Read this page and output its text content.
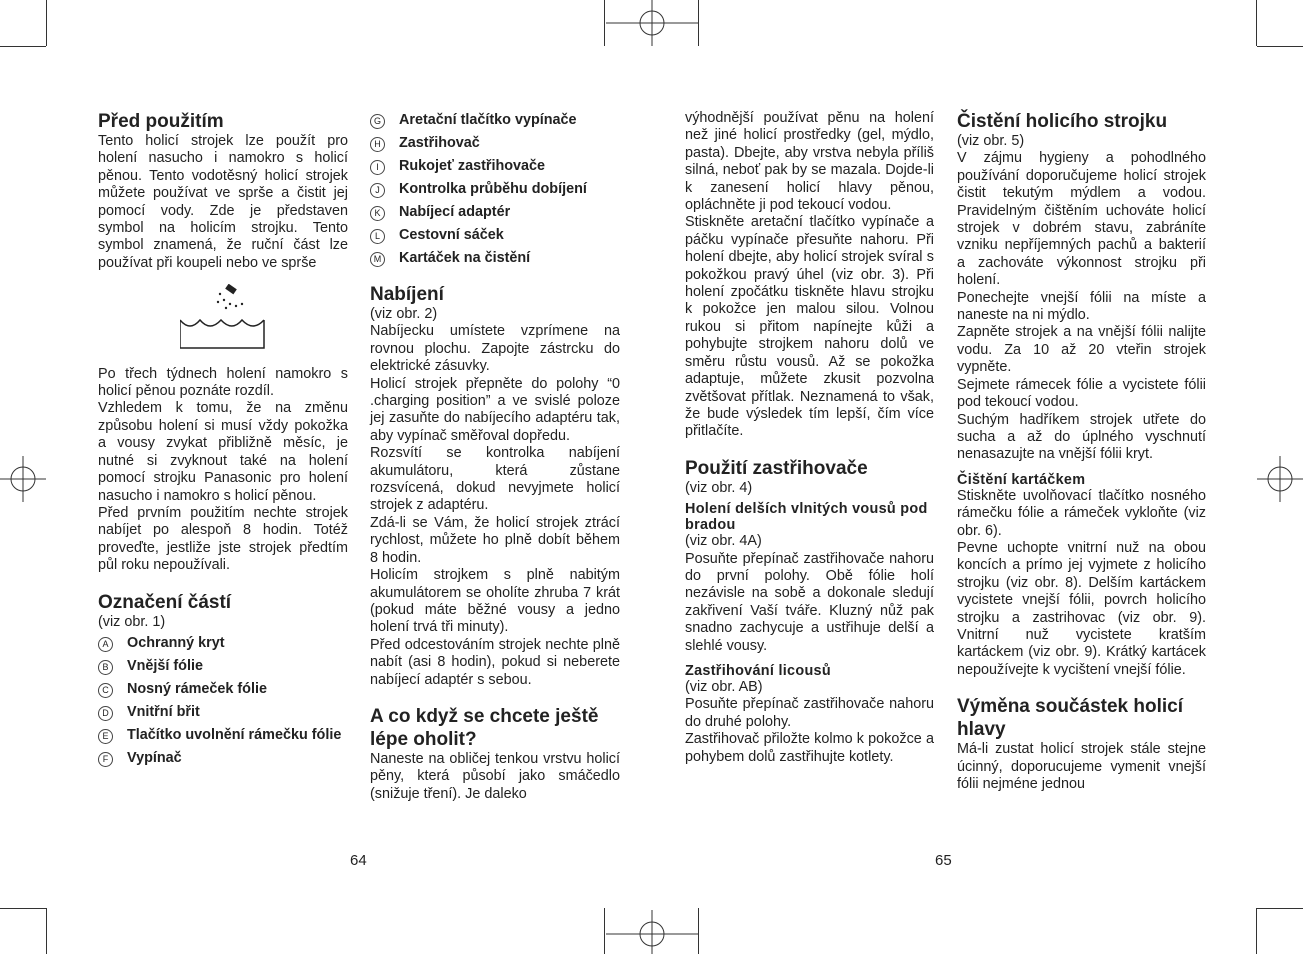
Před použitím

Tento holicí strojek lze použít pro holení nasucho i namokro s holicí pěnou. Tento vodotěsný holicí strojek můžete používat ve sprše a čistit jej pomocí vody. Zde je představen symbol na holicím strojku. Tento symbol znamená, že ruční část lze používat při koupeli nebo ve sprše

Po třech týdnech holení namokro s holicí pěnou poznáte rozdíl.

Vzhledem k tomu, že na změnu způsobu holení si musí vždy pokožka a vousy zvykat přibližně měsíc, je nutné si zvyknout také na holení pomocí strojku Panasonic pro holení nasucho i namokro s holicí pěnou.

Před prvním použitím nechte strojek nabíjet po alespoň 8 hodin. Totéž proveďte, jestliže jste strojek předtím půl roku nepoužívali.

Označení částí

(viz obr. 1)

A	Ochranný kryt
B	Vnější fólie
C	Nosný rámeček fólie
D	Vnitřní břit
E	Tlačítko uvolnění rámečku fólie
F	Vypínač
G	Aretační tlačítko vypínače
H	Zastřihovač
I	Rukojeť zastřihovače
J	Kontrolka průběhu dobíjení
K	Nabíjecí adaptér
L	Cestovní sáček
M	Kartáček na čistění
Nabíjení

(viz obr. 2)

Nabíjecku umístete vzprímene na rovnou plochu. Zapojte zástrcku do elektrické zásuvky.

Holicí strojek přepněte do polohy “0 .charging position” a ve svislé poloze jej zasuňte do nabíjecího adaptéru tak, aby vypínač směřoval dopředu.

Rozsvítí se kontrolka nabíjení akumulátoru, která zůstane rozsvícená, dokud nevyjmete holicí strojek z adaptéru.

Zdá-li se Vám, že holicí strojek ztrácí rychlost, můžete ho plně dobít během 8 hodin.

Holicím strojkem s plně nabitým akumulátorem se oholíte zhruba 7 krát (pokud máte běžné vousy a jedno holení trvá tři minuty).

Před odcestováním strojek nechte plně nabít (asi 8 hodin), pokud si neberete nabíjecí adaptér s sebou.

A co když se chcete ještě lépe oholit?

Naneste na obličej tenkou vrstvu holicí pěny, která působí jako smáčedlo (snižuje tření). Je daleko

64

výhodnější používat pěnu na holení než jiné holicí prostředky (gel, mýdlo, pasta). Dbejte, aby vrstva nebyla příliš silná, neboť pak by se mazala. Dojde-li k zanesení holicí hlavy pěnou, opláchněte ji pod tekoucí vodou.

Stiskněte aretační tlačítko vypínače a páčku vypínače přesuňte nahoru. Při holení dbejte, aby holicí strojek svíral s pokožkou pravý úhel (viz obr. 3). Při holení zpočátku tiskněte hlavu strojku k pokožce jen malou silou. Volnou rukou si přitom napínejte kůži a pohybujte strojkem nahoru dolů ve směru růstu vousů. Až se pokožka adaptuje, můžete zkusit pozvolna zvětšovat přítlak. Neznamená to však, že bude výsledek tím lepší, čím více přitlačíte.

Použití zastřihovače

(viz obr. 4)

Holení delších vlnitých vousů pod bradou

(viz obr. 4A)

Posuňte přepínač zastřihovače nahoru do první polohy. Obě fólie holí nezávisle na sobě a dokonale sledují zakřivení Vaší tváře. Kluzný nůž pak snadno zachycuje a ustřihuje delší a slehlé vousy.

Zastřihování licousů

(viz obr. AB)

Posuňte přepínač zastřihovače nahoru do druhé polohy.

Zastřihovač přiložte kolmo k pokožce a pohybem dolů zastřihujte kotlety.

Čistění holicího strojku

(viz obr. 5)

V zájmu hygieny a pohodlného používání doporučujeme holicí strojek čistit tekutým mýdlem a vodou. Pravidelným čištěním uchováte holicí strojek v dobrém stavu, zabráníte vzniku nepříjemných pachů a bakterií a zachováte výkonnost strojku při holení.

Ponechejte vnejší fólii na míste a naneste na ni mýdlo.

Zapněte strojek a na vnější fólii nalijte vodu. Za 10 až 20 vteřin strojek vypněte.

Sejmete rámecek fólie a vycistete fólii pod tekoucí vodou.

Suchým hadříkem strojek utřete do sucha a až do úplného vyschnutí nenasazujte na vnější fólii kryt.

Čištění kartáčkem

Stiskněte uvolňovací tlačítko nosného rámečku fólie a rámeček vykloňte (viz obr. 6).

Pevne uchopte vnitrní nuž na obou koncích a prímo jej vyjmete z holicího strojku (viz obr. 8). Delším kartáckem vycistete vnejší fólii, povrch holicího strojku a zastrihovac (viz obr. 9). Vnitrní nuž vycistete kratším kartáckem (viz obr. 9). Krátký kartácek nepoužívejte k vycištení vnejší fólie.

Výměna součástek holicí hlavy

Má-li zustat holicí strojek stále stejne úcinný, doporucujeme vymenit vnejší fólii nejméne jednou

65
